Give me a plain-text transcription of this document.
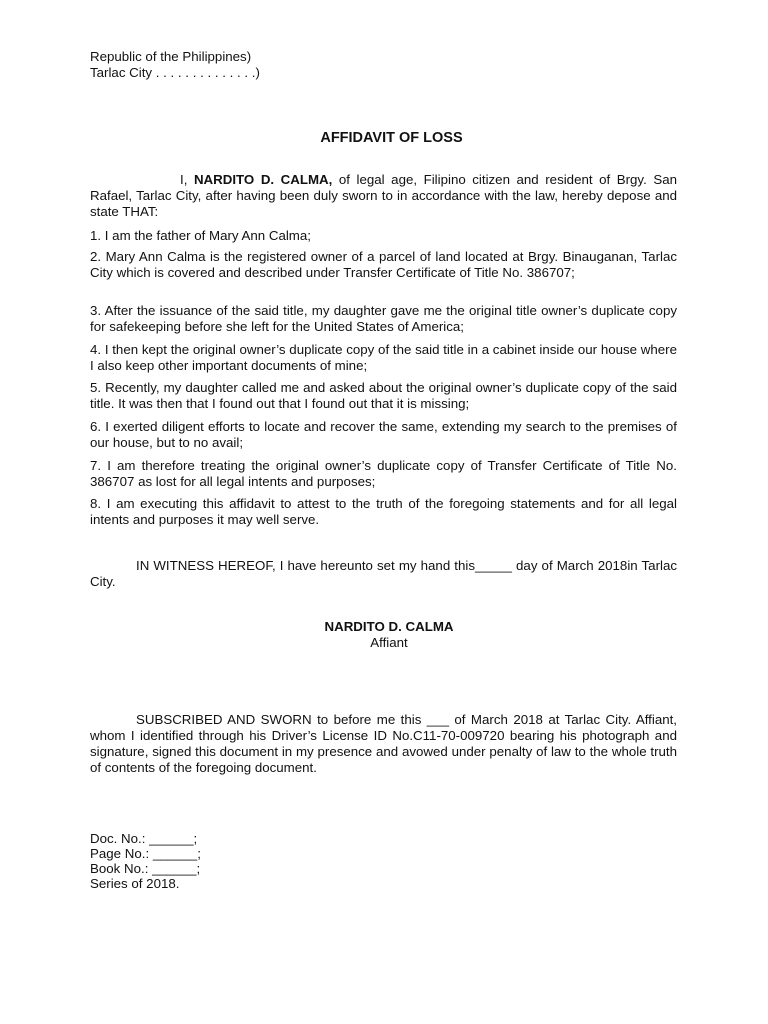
Republic of the Philippines)
Tarlac City . . . . . . . . . . . . . .)
AFFIDAVIT OF LOSS

I, NARDITO D. CALMA, of legal age, Filipino citizen and resident of Brgy. San Rafael, Tarlac City, after having been duly sworn to in accordance with the law, hereby depose and state THAT:

1. I am the father of Mary Ann Calma;

2. Mary Ann Calma is the registered owner of a parcel of land located at Brgy. Binauganan, Tarlac City which is covered and described under Transfer Certificate of Title No. 386707;

3. After the issuance of the said title, my daughter gave me the original title owner’s duplicate copy for safekeeping before she left for the United States of America;

4. I then kept the original owner’s duplicate copy of the said title in a cabinet inside our house where I also keep other important documents of mine;

5. Recently, my daughter called me and asked about the original owner’s duplicate copy of the said title. It was then that I found out that I found out that it is missing;

6. I exerted diligent efforts to locate and recover the same, extending my search to the premises of our house, but to no avail;

7. I am therefore treating the original owner’s duplicate copy of Transfer Certificate of Title No. 386707 as lost for all legal intents and purposes;

8. I am executing this affidavit to attest to the truth of the foregoing statements and for all legal intents and purposes it may well serve.

IN WITNESS HEREOF, I have hereunto set my hand this_____ day of March 2018in Tarlac City.

NARDITO D. CALMA
Affiant

SUBSCRIBED AND SWORN to before me this ___ of March 2018 at Tarlac City. Affiant, whom I identified through his Driver’s License ID No.C11-70-009720 bearing his photograph and signature, signed this document in my presence and avowed under penalty of law to the whole truth of contents of the foregoing document.

Doc. No.: ______;
Page No.: ______;
Book No.: ______;
Series of 2018.
